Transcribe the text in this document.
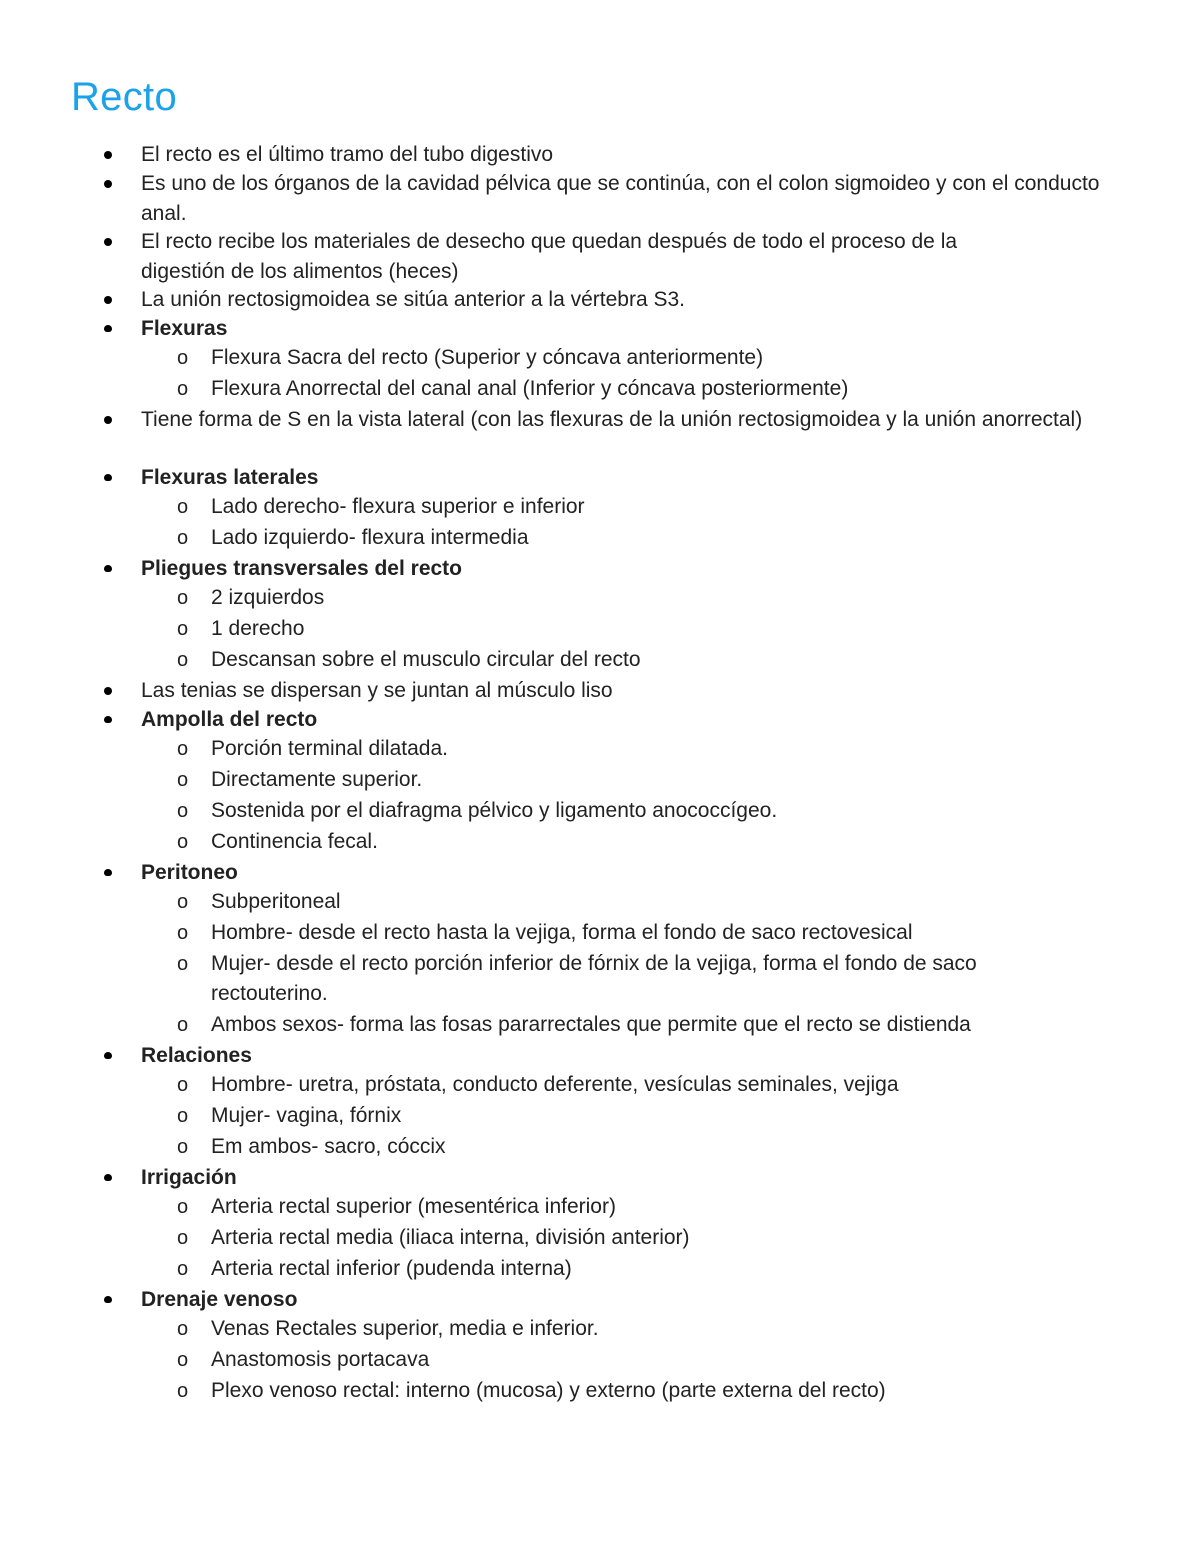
Recto
El recto es el último tramo del tubo digestivo
Es uno de los órganos de la cavidad pélvica que se continúa, con el colon sigmoideo y con el conducto anal.
El recto recibe los materiales de desecho que quedan después de todo el proceso de la digestión de los alimentos (heces)
La unión rectosigmoidea se sitúa anterior a la vértebra S3.
Flexuras
o Flexura Sacra del recto (Superior y cóncava anteriormente)
o Flexura Anorrectal del canal anal (Inferior y cóncava posteriormente)
Tiene forma de S en la vista lateral (con las flexuras de la unión rectosigmoidea y la unión anorrectal)
Flexuras laterales
o Lado derecho- flexura superior e inferior
o Lado izquierdo- flexura intermedia
Pliegues transversales del recto
o 2 izquierdos
o 1 derecho
o Descansan sobre el musculo circular del recto
Las tenias se dispersan y se juntan al músculo liso
Ampolla del recto
o Porción terminal dilatada.
o Directamente superior.
o Sostenida por el diafragma pélvico y ligamento anococcígeo.
o Continencia fecal.
Peritoneo
o Subperitoneal
o Hombre- desde el recto hasta la vejiga, forma el fondo de saco rectovesical
o Mujer- desde el recto porción inferior de fórnix de la vejiga, forma el fondo de saco rectouterino.
o Ambos sexos- forma las fosas pararrectales que permite que el recto se distienda
Relaciones
o Hombre- uretra, próstata, conducto deferente, vesículas seminales, vejiga
o Mujer- vagina, fórnix
o Em ambos- sacro, cóccix
Irrigación
o Arteria rectal superior (mesentérica inferior)
o Arteria rectal media (iliaca interna, división anterior)
o Arteria rectal inferior (pudenda interna)
Drenaje venoso
o Venas Rectales superior, media e inferior.
o Anastomosis portacava
o Plexo venoso rectal: interno (mucosa) y externo (parte externa del recto)
